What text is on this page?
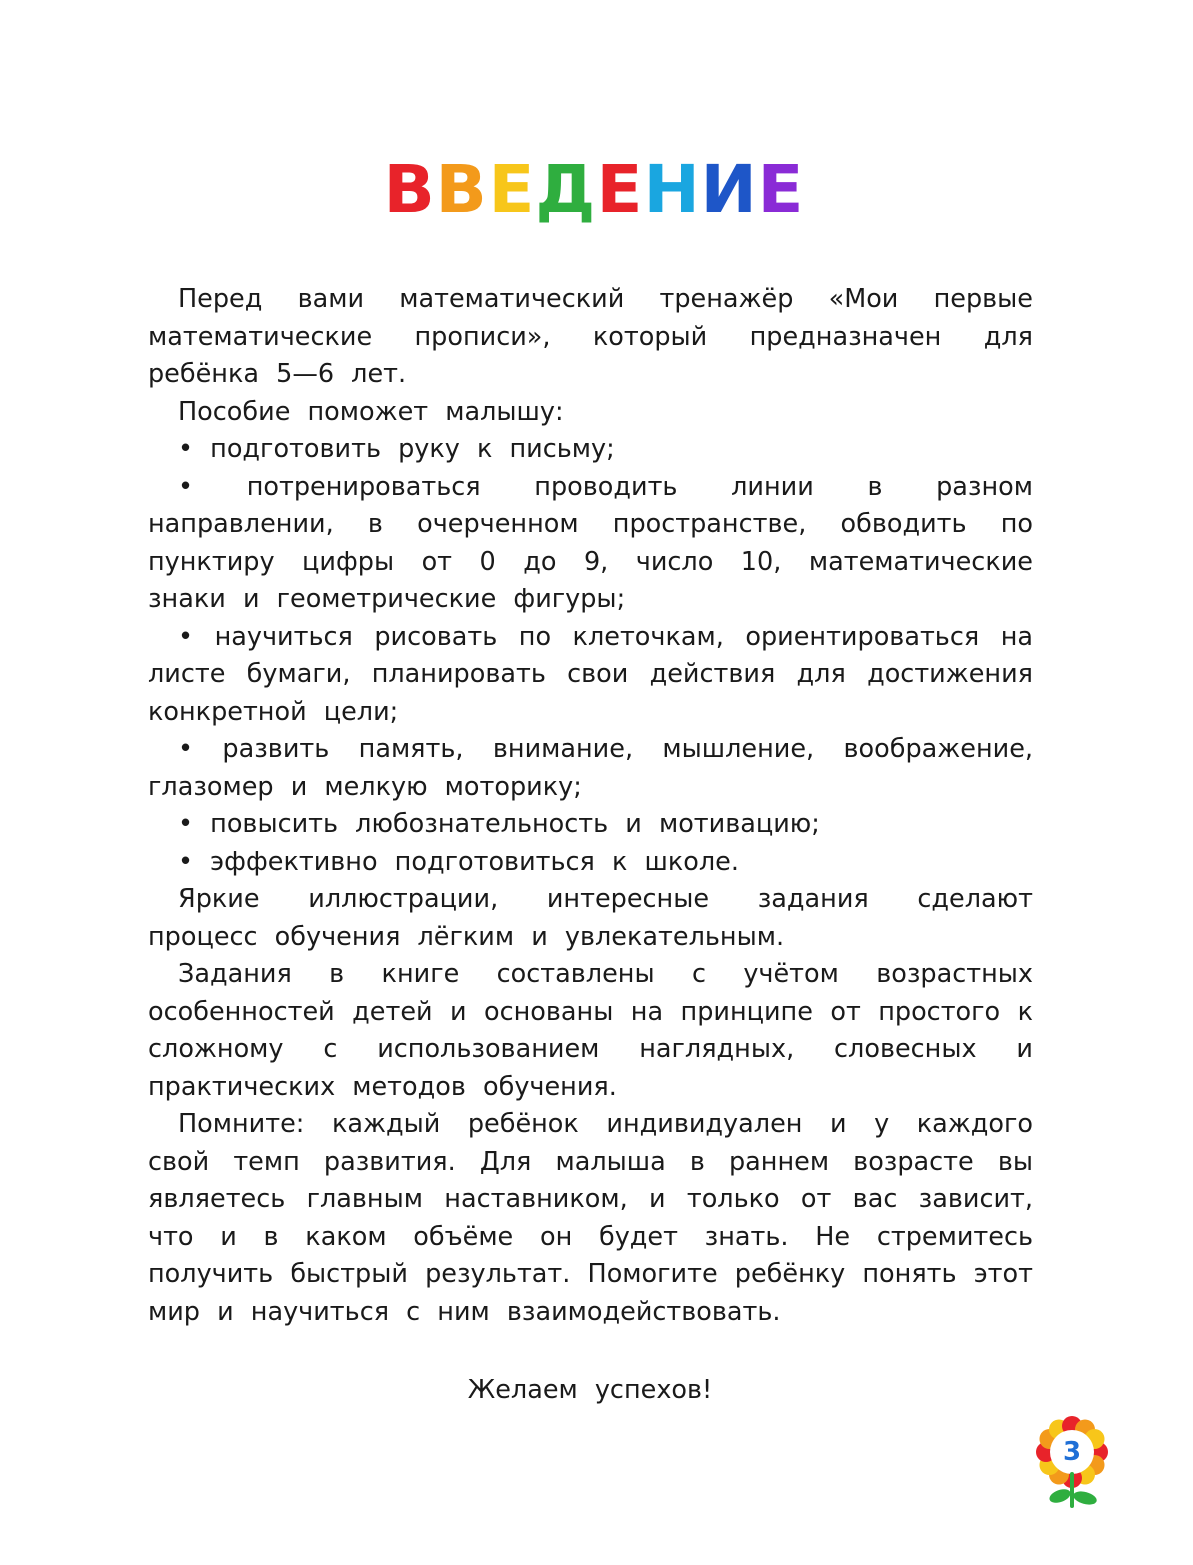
В В Е Д Е Н И Е

Перед вами математический тренажёр «Мои первые математические прописи», который предназначен для ребёнка 5—6 лет.

Пособие поможет малышу:

• подготовить руку к письму;
• потренироваться проводить линии в разном направлении, в очерченном пространстве, обводить по пунктиру цифры от 0 до 9, число 10, математические знаки и геометрические фигуры;
• научиться рисовать по клеточкам, ориентироваться на листе бумаги, планировать свои действия для достижения конкретной цели;
• развить память, внимание, мышление, воображение, глазомер и мелкую моторику;
• повысить любознательность и мотивацию;
• эффективно подготовиться к школе.

Яркие иллюстрации, интересные задания сделают процесс обучения лёгким и увлекательным.

Задания в книге составлены с учётом возрастных особенностей детей и основаны на принципе от простого к сложному с использованием наглядных, словесных и практических методов обучения.

Помните: каждый ребёнок индивидуален и у каждого свой темп развития. Для малыша в раннем возрасте вы являетесь главным наставником, и только от вас зависит, что и в каком объёме он будет знать. Не стремитесь получить быстрый результат. Помогите ребёнку понять этот мир и научиться с ним взаимодействовать.

Желаем успехов!
3
